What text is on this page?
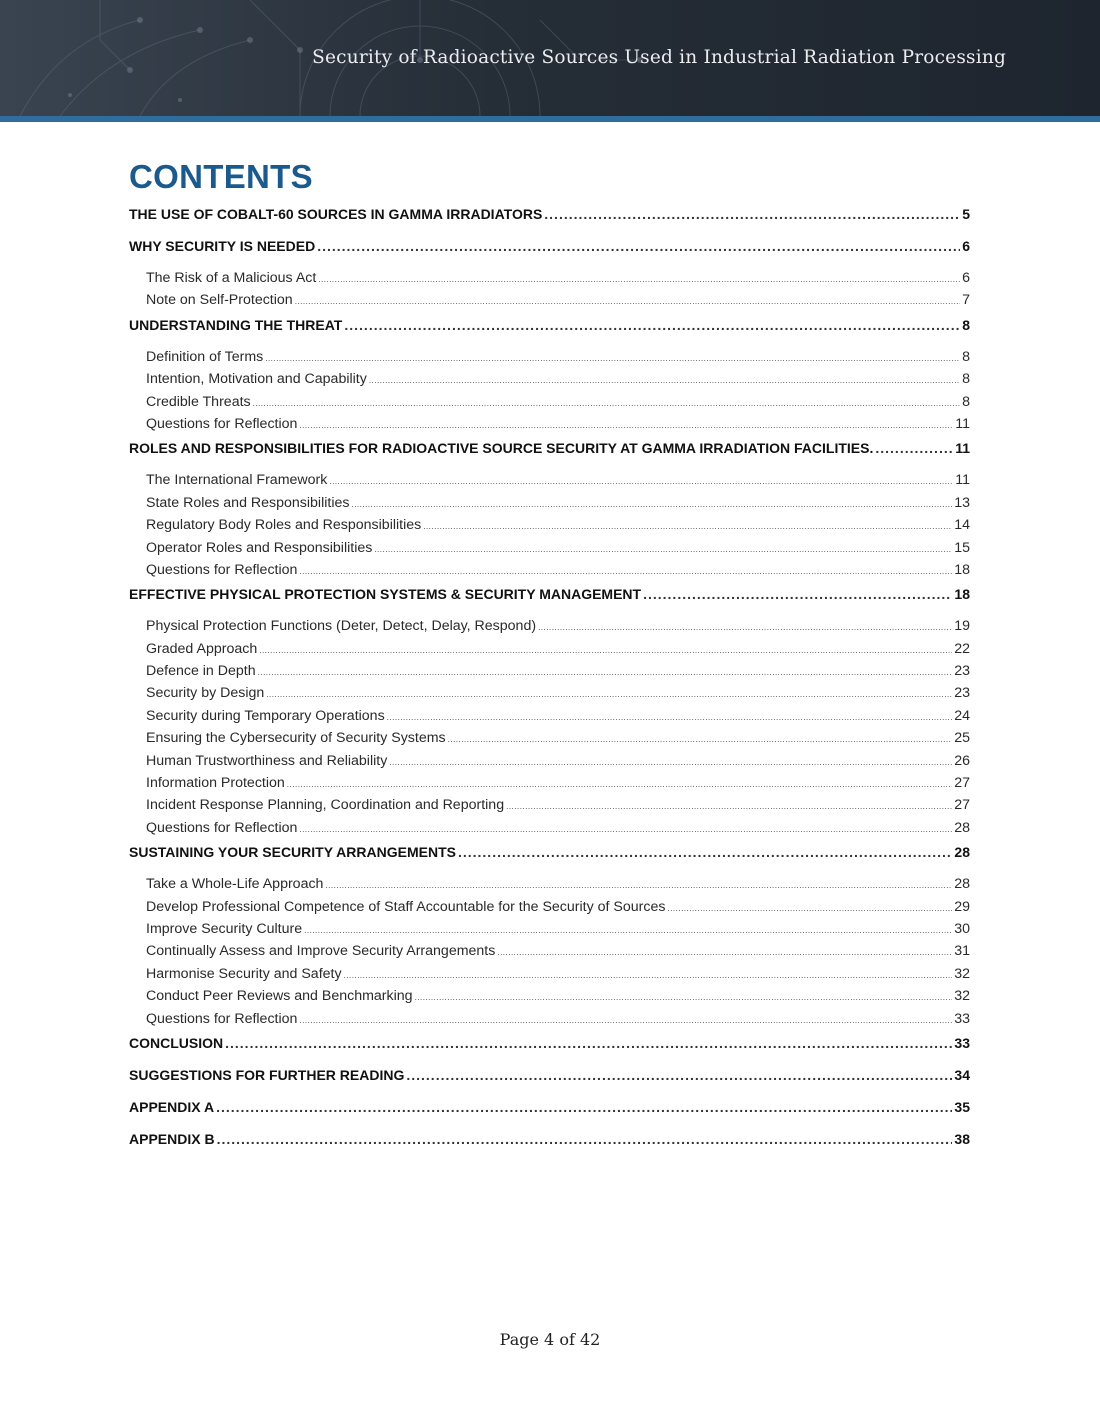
Security of Radioactive Sources Used in Industrial Radiation Processing
CONTENTS
THE USE OF COBALT-60 SOURCES IN GAMMA IRRADIATORS .....	5
WHY SECURITY IS NEEDED .....	6
The Risk of a Malicious Act .....	6
Note on Self-Protection .....	7
UNDERSTANDING THE THREAT .....	8
Definition of Terms .....	8
Intention, Motivation and Capability .....	8
Credible Threats .....	8
Questions for Reflection .....	11
ROLES AND RESPONSIBILITIES FOR RADIOACTIVE SOURCE SECURITY AT GAMMA IRRADIATION FACILITIES. .....	11
The International Framework .....	11
State Roles and Responsibilities .....	13
Regulatory Body Roles and Responsibilities .....	14
Operator Roles and Responsibilities .....	15
Questions for Reflection .....	18
EFFECTIVE PHYSICAL PROTECTION SYSTEMS & SECURITY MANAGEMENT .....	18
Physical Protection Functions (Deter, Detect, Delay, Respond) .....	19
Graded Approach .....	22
Defence in Depth .....	23
Security by Design .....	23
Security during Temporary Operations .....	24
Ensuring the Cybersecurity of Security Systems .....	25
Human Trustworthiness and Reliability .....	26
Information Protection .....	27
Incident Response Planning, Coordination and Reporting .....	27
Questions for Reflection .....	28
SUSTAINING YOUR SECURITY ARRANGEMENTS .....	28
Take a Whole-Life Approach .....	28
Develop Professional Competence of Staff Accountable for the Security of Sources .....	29
Improve Security Culture .....	30
Continually Assess and Improve Security Arrangements .....	31
Harmonise Security and Safety .....	32
Conduct Peer Reviews and Benchmarking .....	32
Questions for Reflection .....	33
CONCLUSION .....	33
SUGGESTIONS FOR FURTHER READING .....	34
APPENDIX A .....	35
APPENDIX B .....	38
Page 4 of 42
